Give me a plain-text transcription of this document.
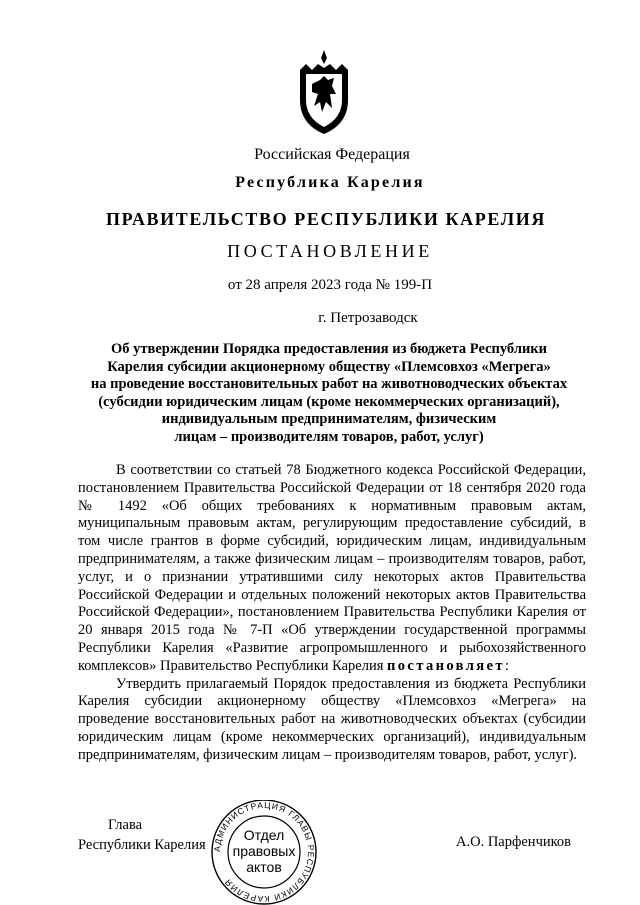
Российская Федерация
Республика Карелия
ПРАВИТЕЛЬСТВО РЕСПУБЛИКИ КАРЕЛИЯ
ПОСТАНОВЛЕНИЕ
от 28 апреля 2023 года № 199-П
г. Петрозаводск
Об утверждении Порядка предоставления из бюджета Республики
Карелия субсидии акционерному обществу «Племсовхоз «Мегрега»
на проведение восстановительных работ на животноводческих объектах
(субсидии юридическим лицам (кроме некоммерческих организаций),
индивидуальным предпринимателям, физическим
лицам – производителям товаров, работ, услуг)

В соответствии со статьей 78 Бюджетного кодекса Российской Федерации, постановлением Правительства Российской Федерации от 18 сентября 2020 года № 1492 «Об общих требованиях к нормативным правовым актам, муниципальным правовым актам, регулирующим предоставление субсидий, в том числе грантов в форме субсидий, юридическим лицам, индивидуальным предпринимателям, а также физическим лицам – производителям товаров, работ, услуг, и о признании утратившими силу некоторых актов Правительства Российской Федерации и отдельных положений некоторых актов Правительства Российской Федерации», постановлением Правительства Республики Карелия от 20 января 2015 года № 7-П «Об утверждении государственной программы Республики Карелия «Развитие агропромышленного и рыбохозяйственного комплексов» Правительство Республики Карелия постановляет:

Утвердить прилагаемый Порядок предоставления из бюджета Республики Карелия субсидии акционерному обществу «Племсовхоз «Мегрега» на проведение восстановительных работ на животноводческих объектах (субсидии юридическим лицам (кроме некоммерческих организаций), индивидуальным предпринимателям, физическим лицам – производителям товаров, работ, услуг).

Глава
Республики Карелия	А.О. Парфенчиков
АДМИНИСТРАЦИЯ ГЛАВЫ РЕСПУБЛИКИ КАРЕЛИЯ
Отдел
правовых
актов
